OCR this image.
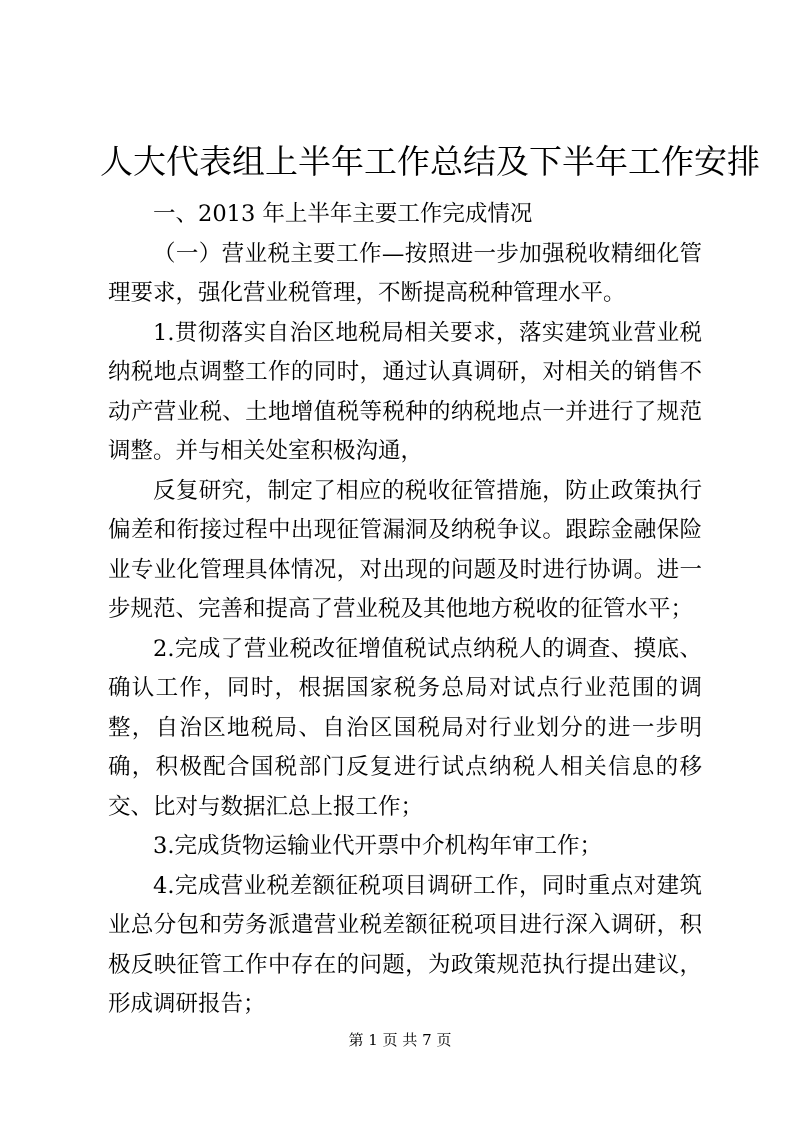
人大代表组上半年工作总结及下半年工作安排

一、2013 年上半年主要工作完成情况

（一）营业税主要工作—按照进一步加强税收精细化管理要求，强化营业税管理，不断提高税种管理水平。

1.贯彻落实自治区地税局相关要求，落实建筑业营业税纳税地点调整工作的同时，通过认真调研，对相关的销售不动产营业税、土地增值税等税种的纳税地点一并进行了规范调整。并与相关处室积极沟通，

反复研究，制定了相应的税收征管措施，防止政策执行偏差和衔接过程中出现征管漏洞及纳税争议。跟踪金融保险业专业化管理具体情况，对出现的问题及时进行协调。进一步规范、完善和提高了营业税及其他地方税收的征管水平；

2.完成了营业税改征增值税试点纳税人的调查、摸底、确认工作，同时，根据国家税务总局对试点行业范围的调整，自治区地税局、自治区国税局对行业划分的进一步明确，积极配合国税部门反复进行试点纳税人相关信息的移交、比对与数据汇总上报工作；

3.完成货物运输业代开票中介机构年审工作；

4.完成营业税差额征税项目调研工作，同时重点对建筑业总分包和劳务派遣营业税差额征税项目进行深入调研，积极反映征管工作中存在的问题，为政策规范执行提出建议，形成调研报告；

第 1 页 共 7 页
